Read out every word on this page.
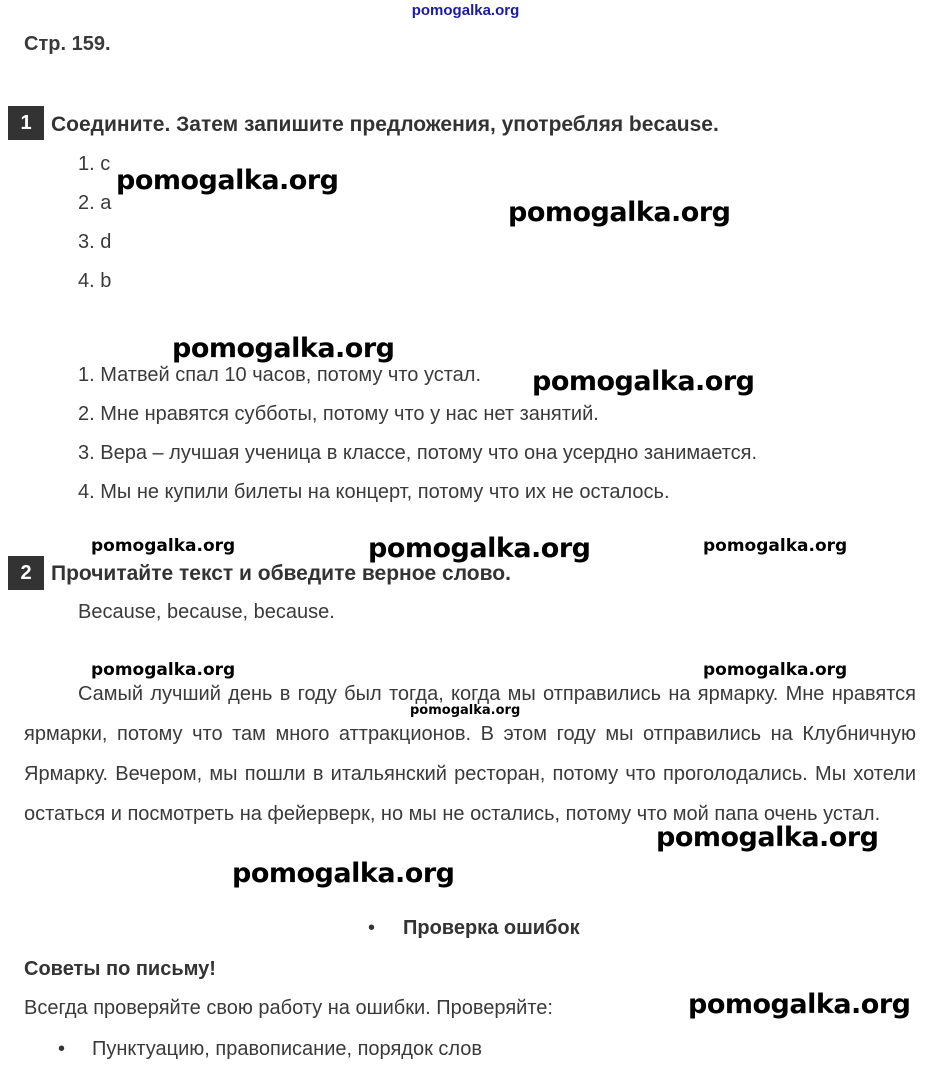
pomogalka.org
Стр. 159.
1 Соедините. Затем запишите предложения, употребляя because.
1. c
2. a
3. d
4. b
1. Матвей спал 10 часов, потому что устал.
2. Мне нравятся субботы, потому что у нас нет занятий.
3. Вера – лучшая ученица в классе, потому что она усердно занимается.
4. Мы не купили билеты на концерт, потому что их не осталось.
2 Прочитайте текст и обведите верное слово.
Because, because, because.
Самый лучший день в году был тогда, когда мы отправились на ярмарку. Мне нравятся ярмарки, потому что там много аттракционов. В этом году мы отправились на Клубничную Ярмарку. Вечером, мы пошли в итальянский ресторан, потому что проголодались. Мы хотели остаться и посмотреть на фейерверк, но мы не остались, потому что мой папа очень устал.
• Проверка ошибок
Советы по письму!
Всегда проверяйте свою работу на ошибки. Проверяйте:
• Пунктуацию, правописание, порядок слов
pomogalka.org
pomogalka.org
pomogalka.org
pomogalka.org
pomogalka.org	pomogalka.org	pomogalka.org
pomogalka.org	pomogalka.org
pomogalka.org
pomogalka.org
pomogalka.org
pomogalka.org
